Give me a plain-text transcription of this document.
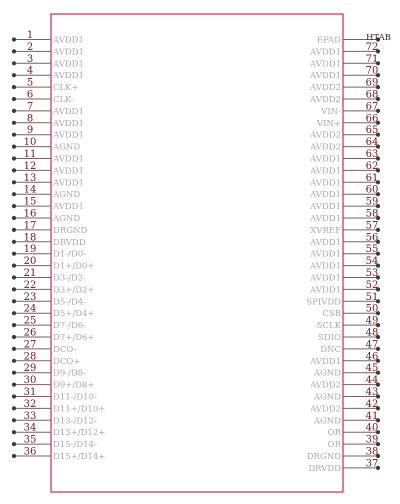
1 AVDD1
2 AVDD1
3 AVDD1
4 AVDD1
5 CLK+
6 CLK-
7 AVDD1
8 AVDD1
9 AVDD1
10 AGND
11 AVDD1
12 AVDD1
13 AVDD1
14 AGND
15 AVDD1
16 AGND
17 DRGND
18 DRVDD
19 D1-/D0-
20 D1+/D0+
21 D3-/D2-
22 D3+/D2+
23 D5-/D4-
24 D5+/D4+
25 D7-/D6-
26 D7+/D6+
27 DCO-
28 DCO+
29 D9-/D8-
30 D9+/D8+
31 D11-/D10-
32 D11+/D10+
33 D13-/D12-
34 D13+/D12+
35 D15-/D14-
36 D15+/D14+
EPAD
72
AVDD1
71
AVDD1
70
AVDD1
69
AVDD2
68
AVDD2
67
VIN-
66
VIN+
65
AVDD2
64
AVDD2
63
AVDD1
62
AVDD1
61
AVDD1
60
AVDD1
59
AVDD1
58
AVDD1
57
XVREF
56
AVDD1
55
AVDD1
54
AVDD1
53
AVDD1
52
AVDD1
51
SPIVDD
50
CSB
49
SCLK
48
SDIO
47
DNC
46
AVDD1
45
AGND
44
AVDD2
43
AGND
42
AVDD2
41
AGND
40
OR
39
OR
38
DRGND
37
DRVDD
HTAB
